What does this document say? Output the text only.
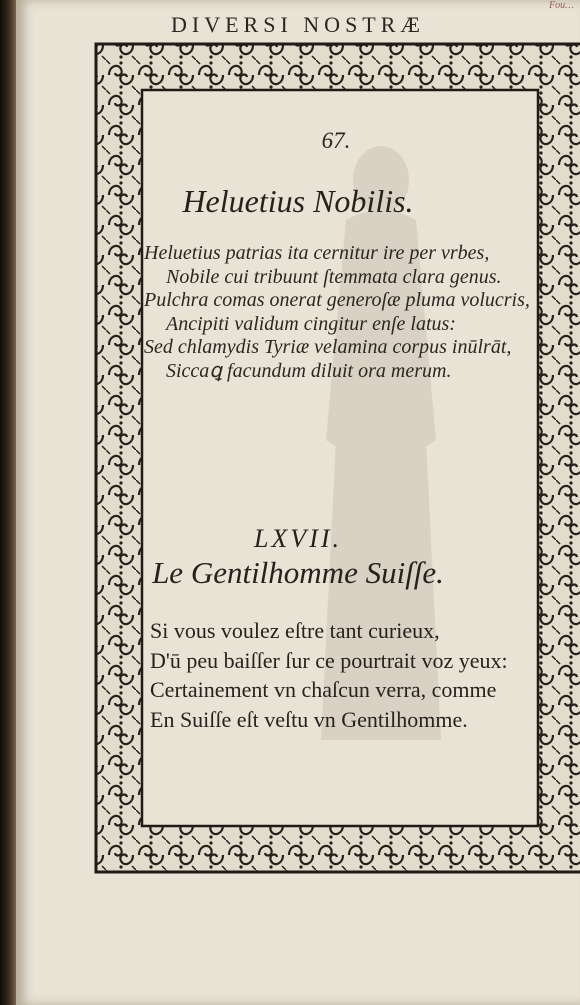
DIVERSI NOSTRÆ
Fou…
67.
Heluetius Nobilis.
Heluetius patrias ita cernitur ire per vrbes,
Nobile cui tribuunt ſtemmata clara genus.
Pulchra comas onerat generoſæ pluma volucris,
Ancipiti validum cingitur enſe latus:
Sed chlamydis Tyriæ velamina corpus inūlrāt,
Siccaꝗ facundum diluit ora merum.
LXVII.
Le Gentilhomme Suiſſe.
Si vous voulez eſtre tant curieux,
D'ū peu baiſſer ſur ce pourtrait voz yeux:
Certainement vn chaſcun verra, comme
En Suiſſe eſt veſtu vn Gentilhomme.
